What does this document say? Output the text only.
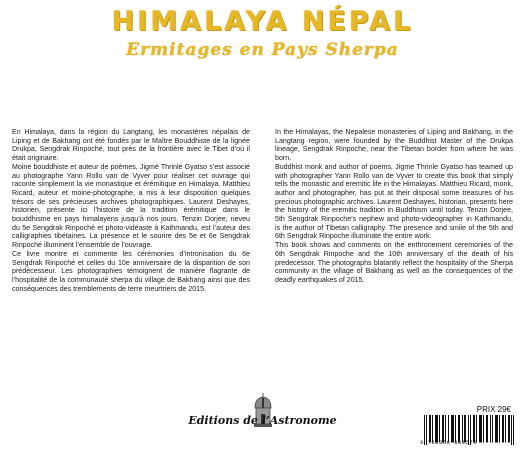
HIMALAYA NÉPAL
Ermitages en Pays Sherpa

En Himalaya, dans la région du Langtang, les monastères népalais de Liping et de Bakhang ont été fondés par le Maître Bouddhiste de la lignée Drukpa, Sengdrak Rinpoché, tout près de la frontière avec le Tibet d’où il était originaire.

Moine bouddhiste et auteur de poèmes, Jigmé Thrinlé Gyatso s’est associé au photographe Yann Rollo van de Vyver pour réaliser cet ouvrage qui raconte simplement la vie monastique et érémitique en Himalaya. Matthieu Ricard, auteur et moine-photographe, a mis à leur disposition quelques trésors de ses précieuses archives photographiques. Laurent Deshayes, historien, présente ici l’histoire de la tradition érémitique dans le bouddhisme en pays himalayens jusqu’à nos jours. Tenzin Dorjee, neveu du 5e Sengdrak Rinpoché et photo-vidéaste à Kathmandu, est l’auteur des calligraphies tibétaines. La présence et le sourire des 5e et 6e Sengdrak Rinpoché illuminent l’ensemble de l’ouvrage.

Ce livre montre et commente les cérémonies d’intronisation du 6e Sengdrak Rinpoché et celles du 10e anniversaire de la disparition de son prédécesseur. Les photographies témoignent de manière flagrante de l’hospitalité de la communauté sherpa du village de Bakhang ainsi que des conséquences des tremblements de terre meurtriers de 2015.

In the Himalayas, the Nepalese monasteries of Liping and Bakhang, in the Langtang region, were founded by the Buddhist Master of the Drukpa lineage, Sengdrak Rinpoche, near the Tibetan border from where he was born.

Buddhist monk and author of poems, Jigme Thrinle Gyatso has teamed up with photographer Yann Rollo van de Vyver to create this book that simply tells the monastic and eremitic life in the Himalayas. Matthieu Ricard, monk, author and photographer, has put at their disposal some treasures of his precious photographic archives. Laurent Deshayes, historian, presents here the history of the eremitic tradition in Buddhism until today. Tenzin Dorjee, 5th Sengdrak Rinpoche’s nephew and photo-videographer in Kathmandu, is the author of Tibetan calligraphy. The presence and smile of the 5th and 6th Sengdrak Rinpoche illuminate the entire work.

This book shows and comments on the enthronement ceremonies of the 6th Sengdrak Rinpoche and the 10th anniversary of the death of his predecessor. The photographs blatantly reflect the hospitality of the Sherpa community in the village of Bakhang as well as the consequences of the deadly earthquakes of 2015.

Editions de l’Astronome
PRIX 29€
9 782366 861570
